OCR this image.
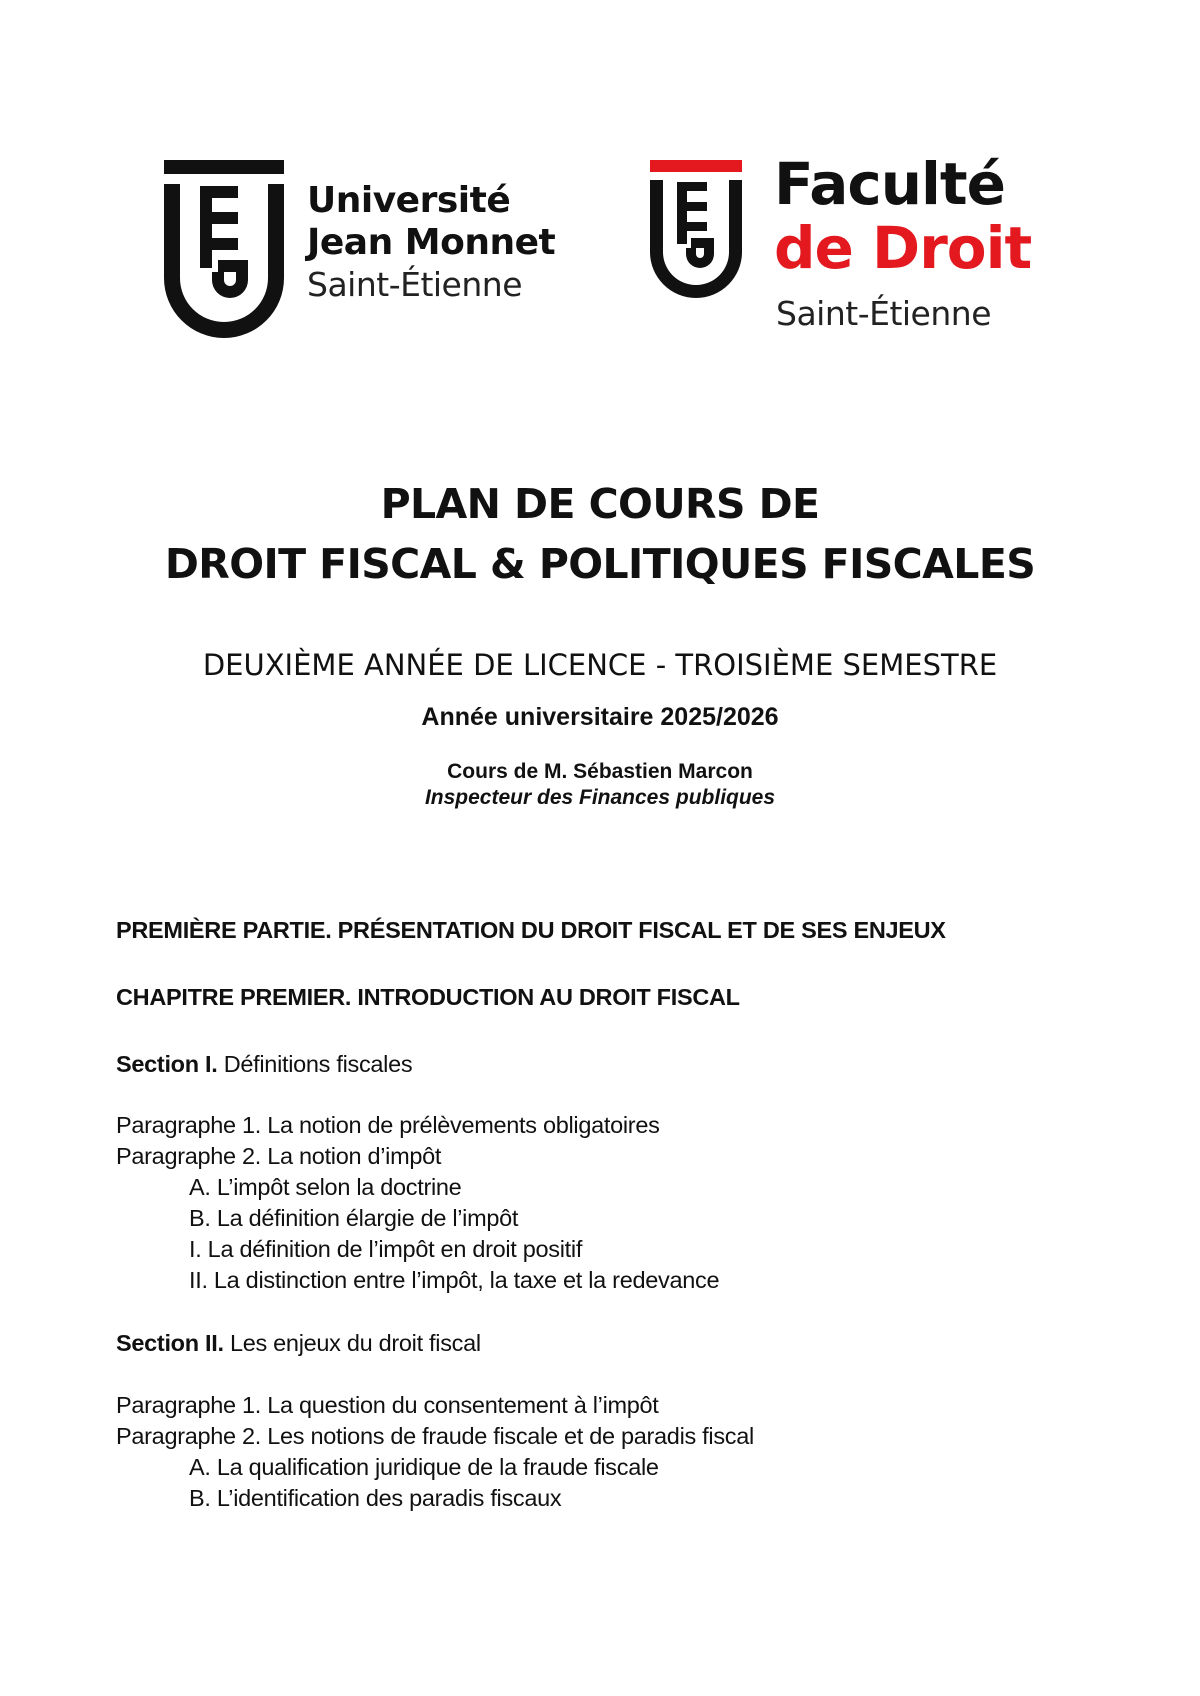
Université
Jean Monnet
Saint-Étienne
Faculté
de Droit
Saint-Étienne
PLAN DE COURS DE
DROIT FISCAL & POLITIQUES FISCALES
DEUXIÈME ANNÉE DE LICENCE - TROISIÈME SEMESTRE
Année universitaire 2025/2026
Cours de M. Sébastien Marcon
Inspecteur des Finances publiques
PREMIÈRE PARTIE. PRÉSENTATION DU DROIT FISCAL ET DE SES ENJEUX
CHAPITRE PREMIER. INTRODUCTION AU DROIT FISCAL
Section I. Définitions fiscales
Paragraphe 1. La notion de prélèvements obligatoires
Paragraphe 2. La notion d’impôt
A. L’impôt selon la doctrine
B. La définition élargie de l’impôt
I. La définition de l’impôt en droit positif
II. La distinction entre l’impôt, la taxe et la redevance
Section II. Les enjeux du droit fiscal
Paragraphe 1. La question du consentement à l’impôt
Paragraphe 2. Les notions de fraude fiscale et de paradis fiscal
A. La qualification juridique de la fraude fiscale
B. L’identification des paradis fiscaux
